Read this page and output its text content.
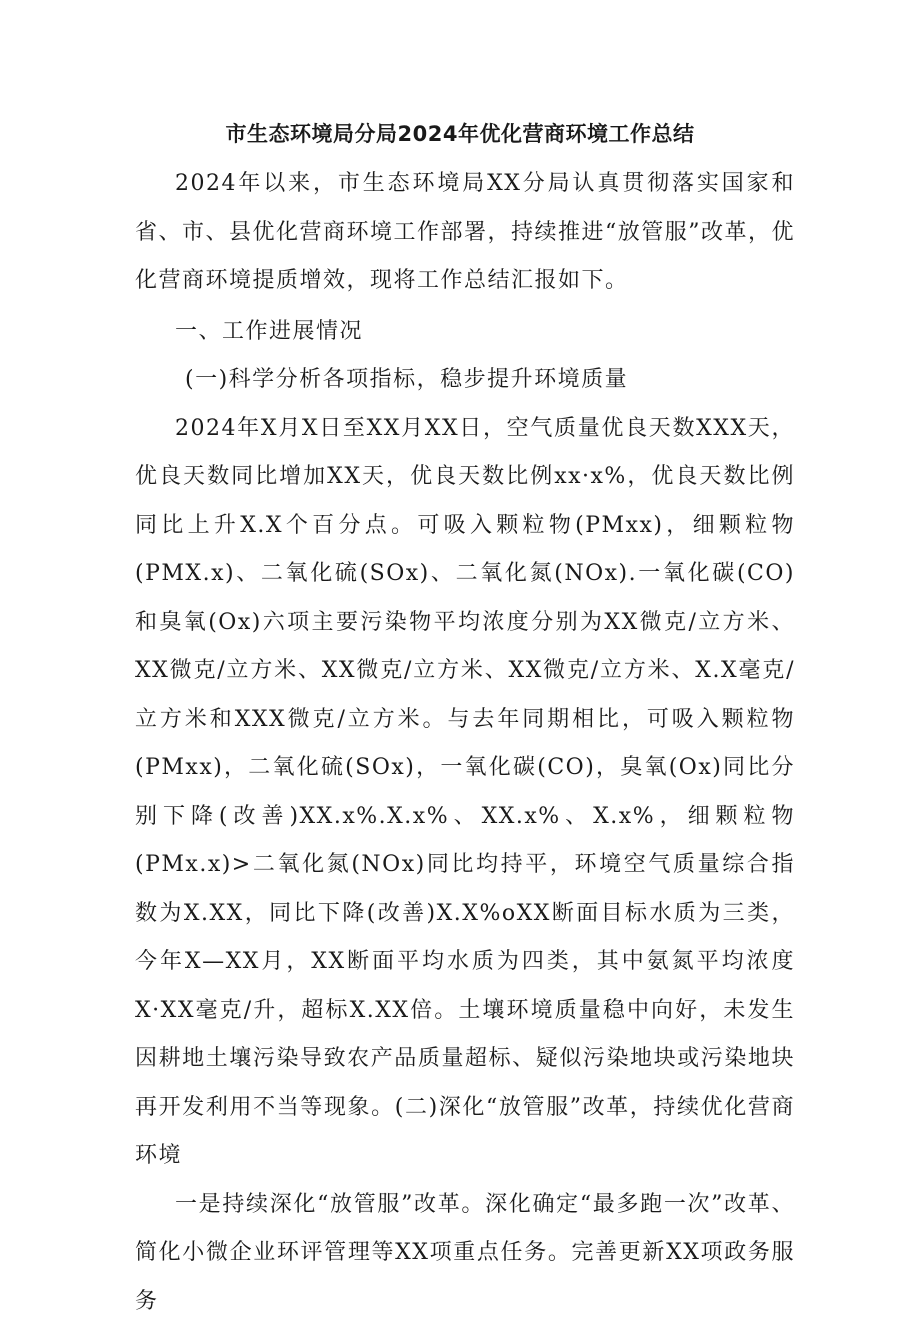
市生态环境局分局2024年优化营商环境工作总结

2024年以来，市生态环境局XX分局认真贯彻落实国家和省、市、县优化营商环境工作部署，持续推进“放管服”改革，优化营商环境提质增效，现将工作总结汇报如下。

一、工作进展情况

(一)科学分析各项指标，稳步提升环境质量

2024年X月X日至XX月XX日，空气质量优良天数XXX天，优良天数同比增加XX天，优良天数比例xx·x%，优良天数比例同比上升X.X个百分点。可吸入颗粒物(PMxx)，细颗粒物(PMX.x)、二氧化硫(SOx)、二氧化氮(NOx).一氧化碳(CO)和臭氧(Ox)六项主要污染物平均浓度分别为XX微克/立方米、XX微克/立方米、XX微克/立方米、XX微克/立方米、X.X毫克/立方米和XXX微克/立方米。与去年同期相比，可吸入颗粒物(PMxx)，二氧化硫(SOx)，一氧化碳(CO)，臭氧(Ox)同比分别下降(改善)XX.x%.X.x%、XX.x%、X.x%，细颗粒物(PMx.x)>二氧化氮(NOx)同比均持平，环境空气质量综合指数为X.XX，同比下降(改善)X.X%oXX断面目标水质为三类，今年X—XX月，XX断面平均水质为四类，其中氨氮平均浓度X·XX毫克/升，超标X.XX倍。土壤环境质量稳中向好，未发生因耕地土壤污染导致农产品质量超标、疑似污染地块或污染地块再开发利用不当等现象。(二)深化“放管服”改革，持续优化营商环境

一是持续深化“放管服”改革。深化确定“最多跑一次”改革、简化小微企业环评管理等XX项重点任务。完善更新XX项政务服务
